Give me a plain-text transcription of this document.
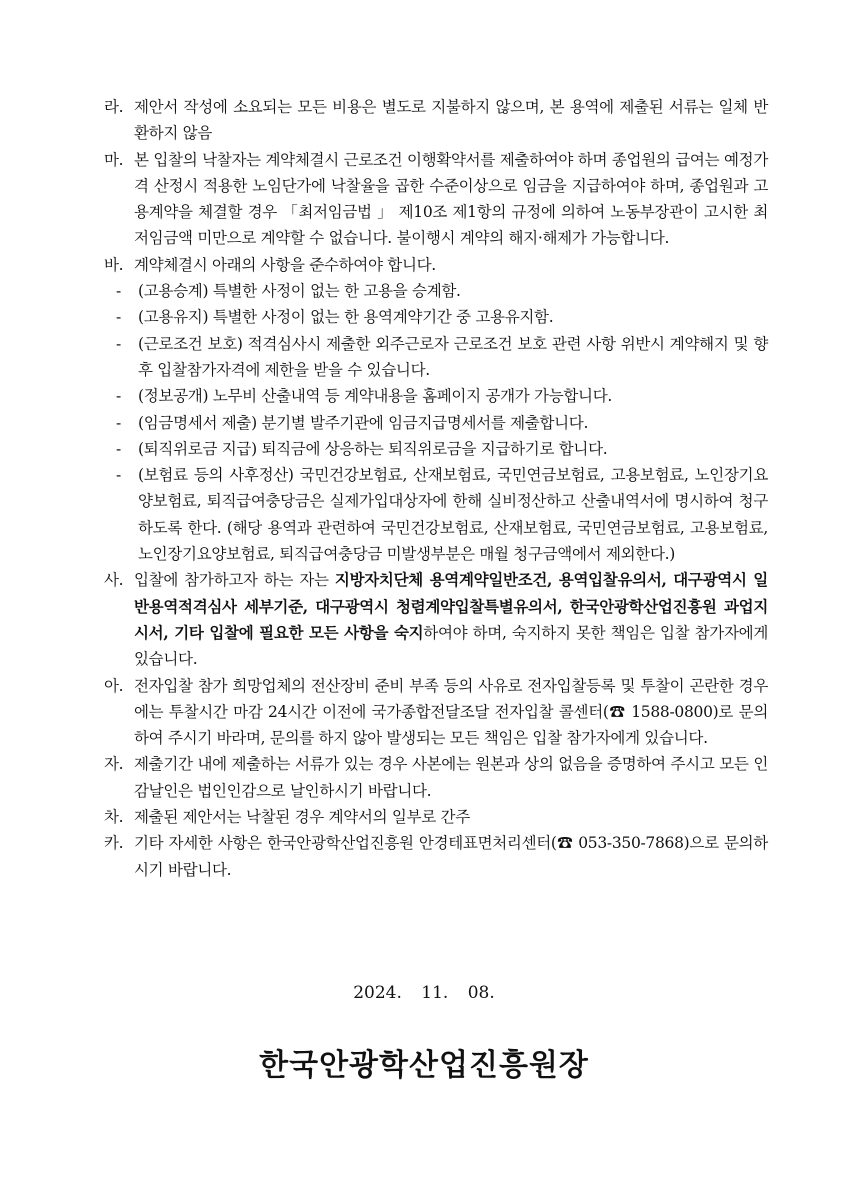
라. 제안서 작성에 소요되는 모든 비용은 별도로 지불하지 않으며, 본 용역에 제출된 서류는 일체 반환하지 않음
마. 본 입찰의 낙찰자는 계약체결시 근로조건 이행확약서를 제출하여야 하며 종업원의 급여는 예정가격 산정시 적용한 노임단가에 낙찰율을 곱한 수준이상으로 임금을 지급하여야 하며, 종업원과 고용계약을 체결할 경우 「최저임금법 」 제10조 제1항의 규정에 의하여 노동부장관이 고시한 최저임금액 미만으로 계약할 수 없습니다. 불이행시 계약의 해지·해제가 가능합니다.
바. 계약체결시 아래의 사항을 준수하여야 합니다.
-	(고용승계) 특별한 사정이 없는 한 고용을 승계함.
-	(고용유지) 특별한 사정이 없는 한 용역계약기간 중 고용유지함.
-	(근로조건 보호) 적격심사시 제출한 외주근로자 근로조건 보호 관련 사항 위반시 계약해지 및 향후 입찰참가자격에 제한을 받을 수 있습니다.
-	(정보공개) 노무비 산출내역 등 계약내용을 홈페이지 공개가 가능합니다.
-	(임금명세서 제출) 분기별 발주기관에 임금지급명세서를 제출합니다.
-	(퇴직위로금 지급) 퇴직금에 상응하는 퇴직위로금을 지급하기로 합니다.
-	(보험료 등의 사후정산) 국민건강보험료, 산재보험료, 국민연금보험료, 고용보험료, 노인장기요양보험료, 퇴직급여충당금은 실제가입대상자에 한해 실비정산하고 산출내역서에 명시하여 청구하도록 한다. (해당 용역과 관련하여 국민건강보험료, 산재보험료, 국민연금보험료, 고용보험료, 노인장기요양보험료, 퇴직급여충당금 미발생부분은 매월 청구금액에서 제외한다.)
사. 입찰에 참가하고자 하는 자는 지방자치단체 용역계약일반조건, 용역입찰유의서, 대구광역시 일반용역적격심사 세부기준, 대구광역시 청렴계약입찰특별유의서, 한국안광학산업진흥원 과업지시서, 기타 입찰에 필요한 모든 사항을 숙지하여야 하며, 숙지하지 못한 책임은 입찰 참가자에게 있습니다.
아. 전자입찰 참가 희망업체의 전산장비 준비 부족 등의 사유로 전자입찰등록 및 투찰이 곤란한 경우에는 투찰시간 마감 24시간 이전에 국가종합전달조달 전자입찰 콜센터(☎ 1588-0800)로 문의하여 주시기 바라며, 문의를 하지 않아 발생되는 모든 책임은 입찰 참가자에게 있습니다.
자. 제출기간 내에 제출하는 서류가 있는 경우 사본에는 원본과 상의 없음을 증명하여 주시고 모든 인감날인은 법인인감으로 날인하시기 바랍니다.
차. 제출된 제안서는 낙찰된 경우 계약서의 일부로 간주
카. 기타 자세한 사항은 한국안광학산업진흥원 안경테표면처리센터(☎ 053-350-7868)으로 문의하시기 바랍니다.
2024. 11. 08.
한국안광학산업진흥원장
